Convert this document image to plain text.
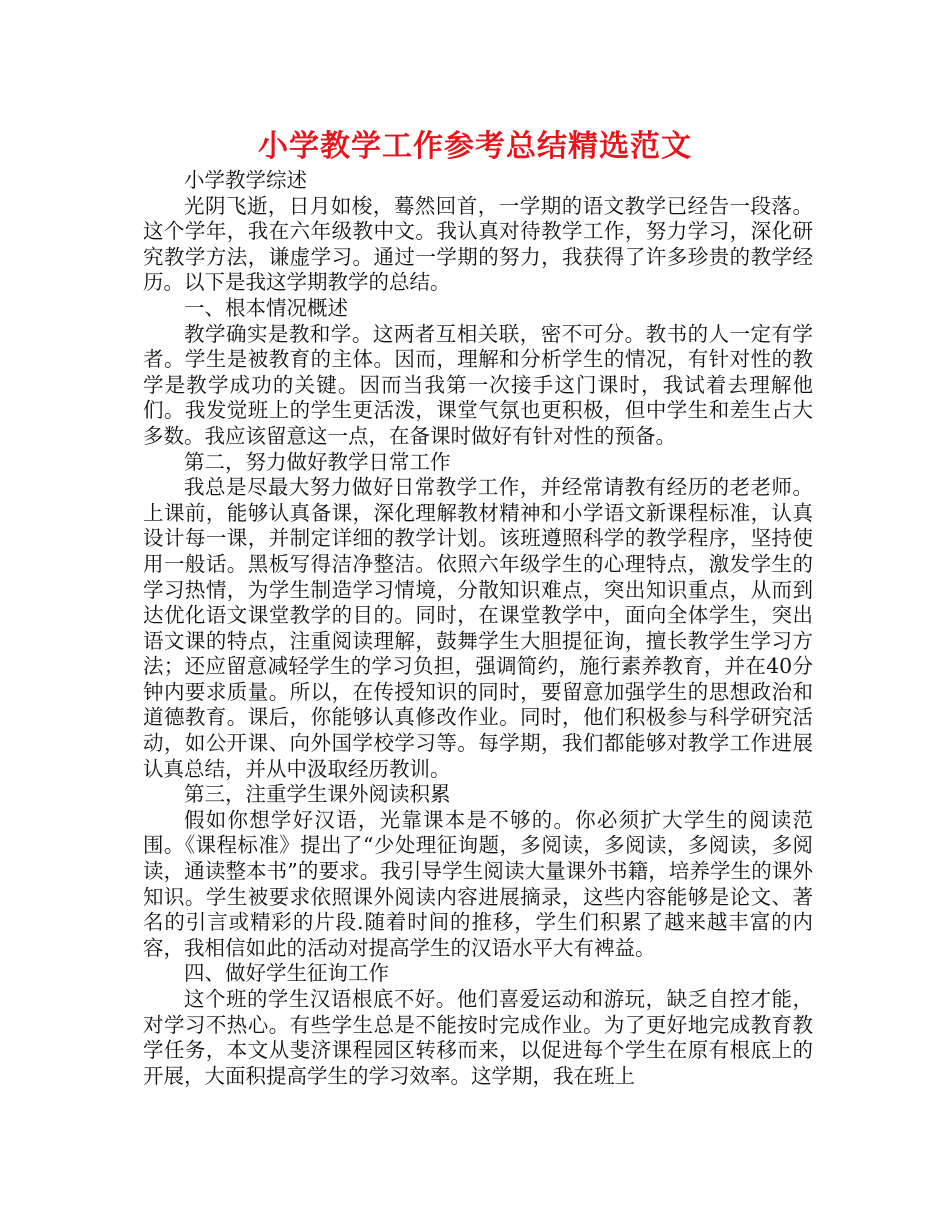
小学教学工作参考总结精选范文

小学教学综述

光阴飞逝，日月如梭，蓦然回首，一学期的语文教学已经告一段落。这个学年，我在六年级教中文。我认真对待教学工作，努力学习，深化研究教学方法，谦虚学习。通过一学期的努力，我获得了许多珍贵的教学经历。以下是我这学期教学的总结。

一、根本情况概述

教学确实是教和学。这两者互相关联，密不可分。教书的人一定有学者。学生是被教育的主体。因而，理解和分析学生的情况，有针对性的教学是教学成功的关键。因而当我第一次接手这门课时，我试着去理解他们。我发觉班上的学生更活泼，课堂气氛也更积极，但中学生和差生占大多数。我应该留意这一点，在备课时做好有针对性的预备。

第二，努力做好教学日常工作

我总是尽最大努力做好日常教学工作，并经常请教有经历的老老师。上课前，能够认真备课，深化理解教材精神和小学语文新课程标准，认真设计每一课，并制定详细的教学计划。该班遵照科学的教学程序，坚持使用一般话。黑板写得洁净整洁。依照六年级学生的心理特点，激发学生的学习热情，为学生制造学习情境，分散知识难点，突出知识重点，从而到达优化语文课堂教学的目的。同时，在课堂教学中，面向全体学生，突出语文课的特点，注重阅读理解，鼓舞学生大胆提征询，擅长教学生学习方法；还应留意减轻学生的学习负担，强调简约，施行素养教育，并在40分钟内要求质量。所以，在传授知识的同时，要留意加强学生的思想政治和道德教育。课后，你能够认真修改作业。同时，他们积极参与科学研究活动，如公开课、向外国学校学习等。每学期，我们都能够对教学工作进展认真总结，并从中汲取经历教训。

第三，注重学生课外阅读积累

假如你想学好汉语，光靠课本是不够的。你必须扩大学生的阅读范围。《课程标准》提出了“少处理征询题，多阅读，多阅读，多阅读，多阅读，通读整本书”的要求。我引导学生阅读大量课外书籍，培养学生的课外知识。学生被要求依照课外阅读内容进展摘录，这些内容能够是论文、著名的引言或精彩的片段.随着时间的推移，学生们积累了越来越丰富的内容，我相信如此的活动对提高学生的汉语水平大有裨益。

四、做好学生征询工作

这个班的学生汉语根底不好。他们喜爱运动和游玩，缺乏自控才能，对学习不热心。有些学生总是不能按时完成作业。为了更好地完成教育教学任务，本文从斐济课程园区转移而来，以促进每个学生在原有根底上的开展，大面积提高学生的学习效率。这学期，我在班上
